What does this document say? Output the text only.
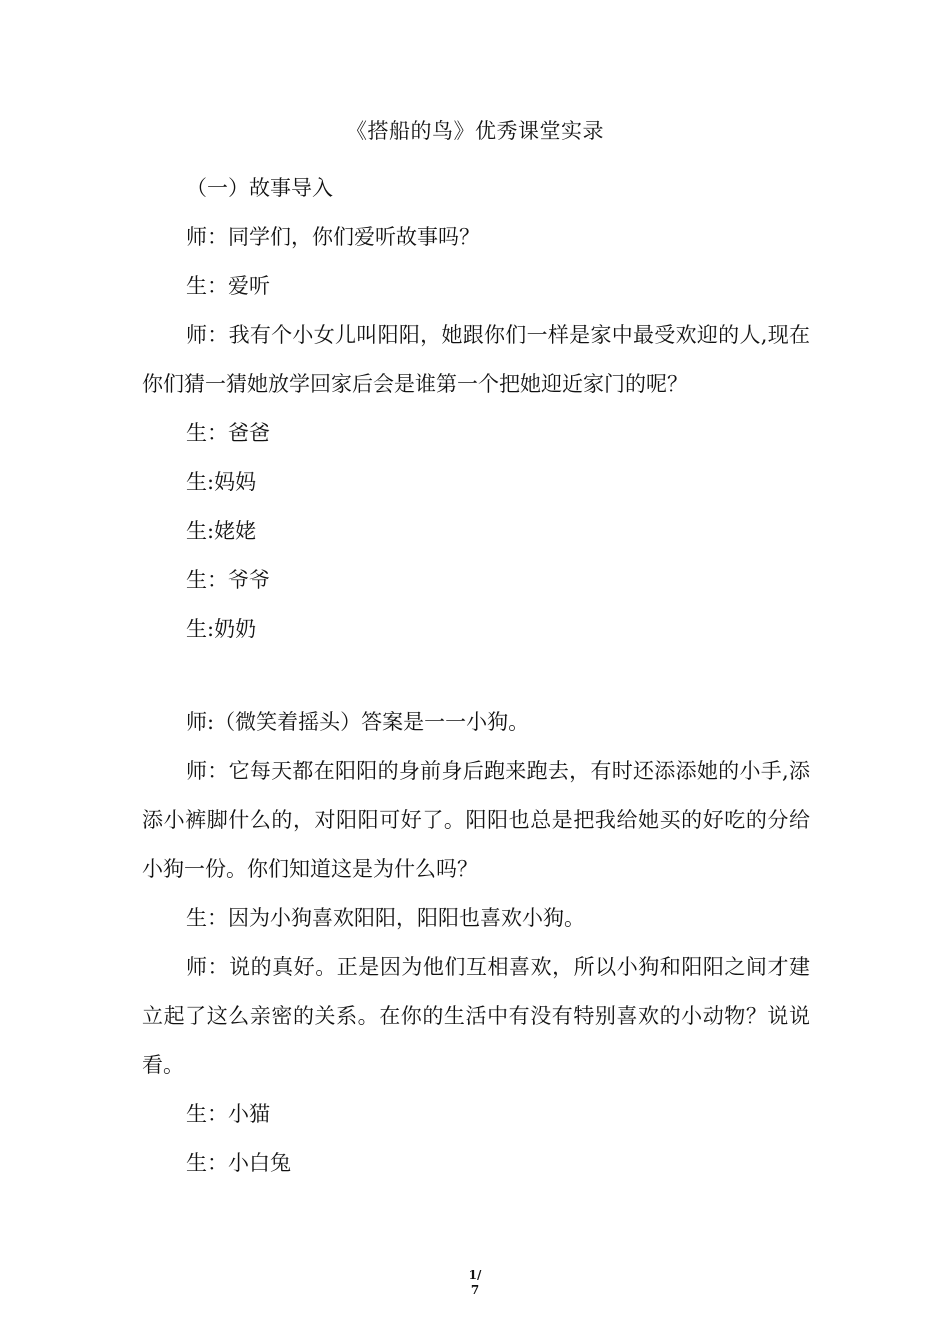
《搭船的鸟》优秀课堂实录

（一）故事导入

师：同学们，你们爱听故事吗？

生：爱听

师：我有个小女儿叫阳阳，她跟你们一样是家中最受欢迎的人,现在你们猜一猜她放学回家后会是谁第一个把她迎近家门的呢？

生：爸爸

生:妈妈

生:姥姥

生：爷爷

生:奶奶

师:（微笑着摇头）答案是一一小狗。

师：它每天都在阳阳的身前身后跑来跑去，有时还添添她的小手,添添小裤脚什么的，对阳阳可好了。阳阳也总是把我给她买的好吃的分给小狗一份。你们知道这是为什么吗？

生：因为小狗喜欢阳阳，阳阳也喜欢小狗。

师：说的真好。正是因为他们互相喜欢，所以小狗和阳阳之间才建立起了这么亲密的关系。在你的生活中有没有特别喜欢的小动物？说说看。

生：小猫

生：小白兔

1/
7
